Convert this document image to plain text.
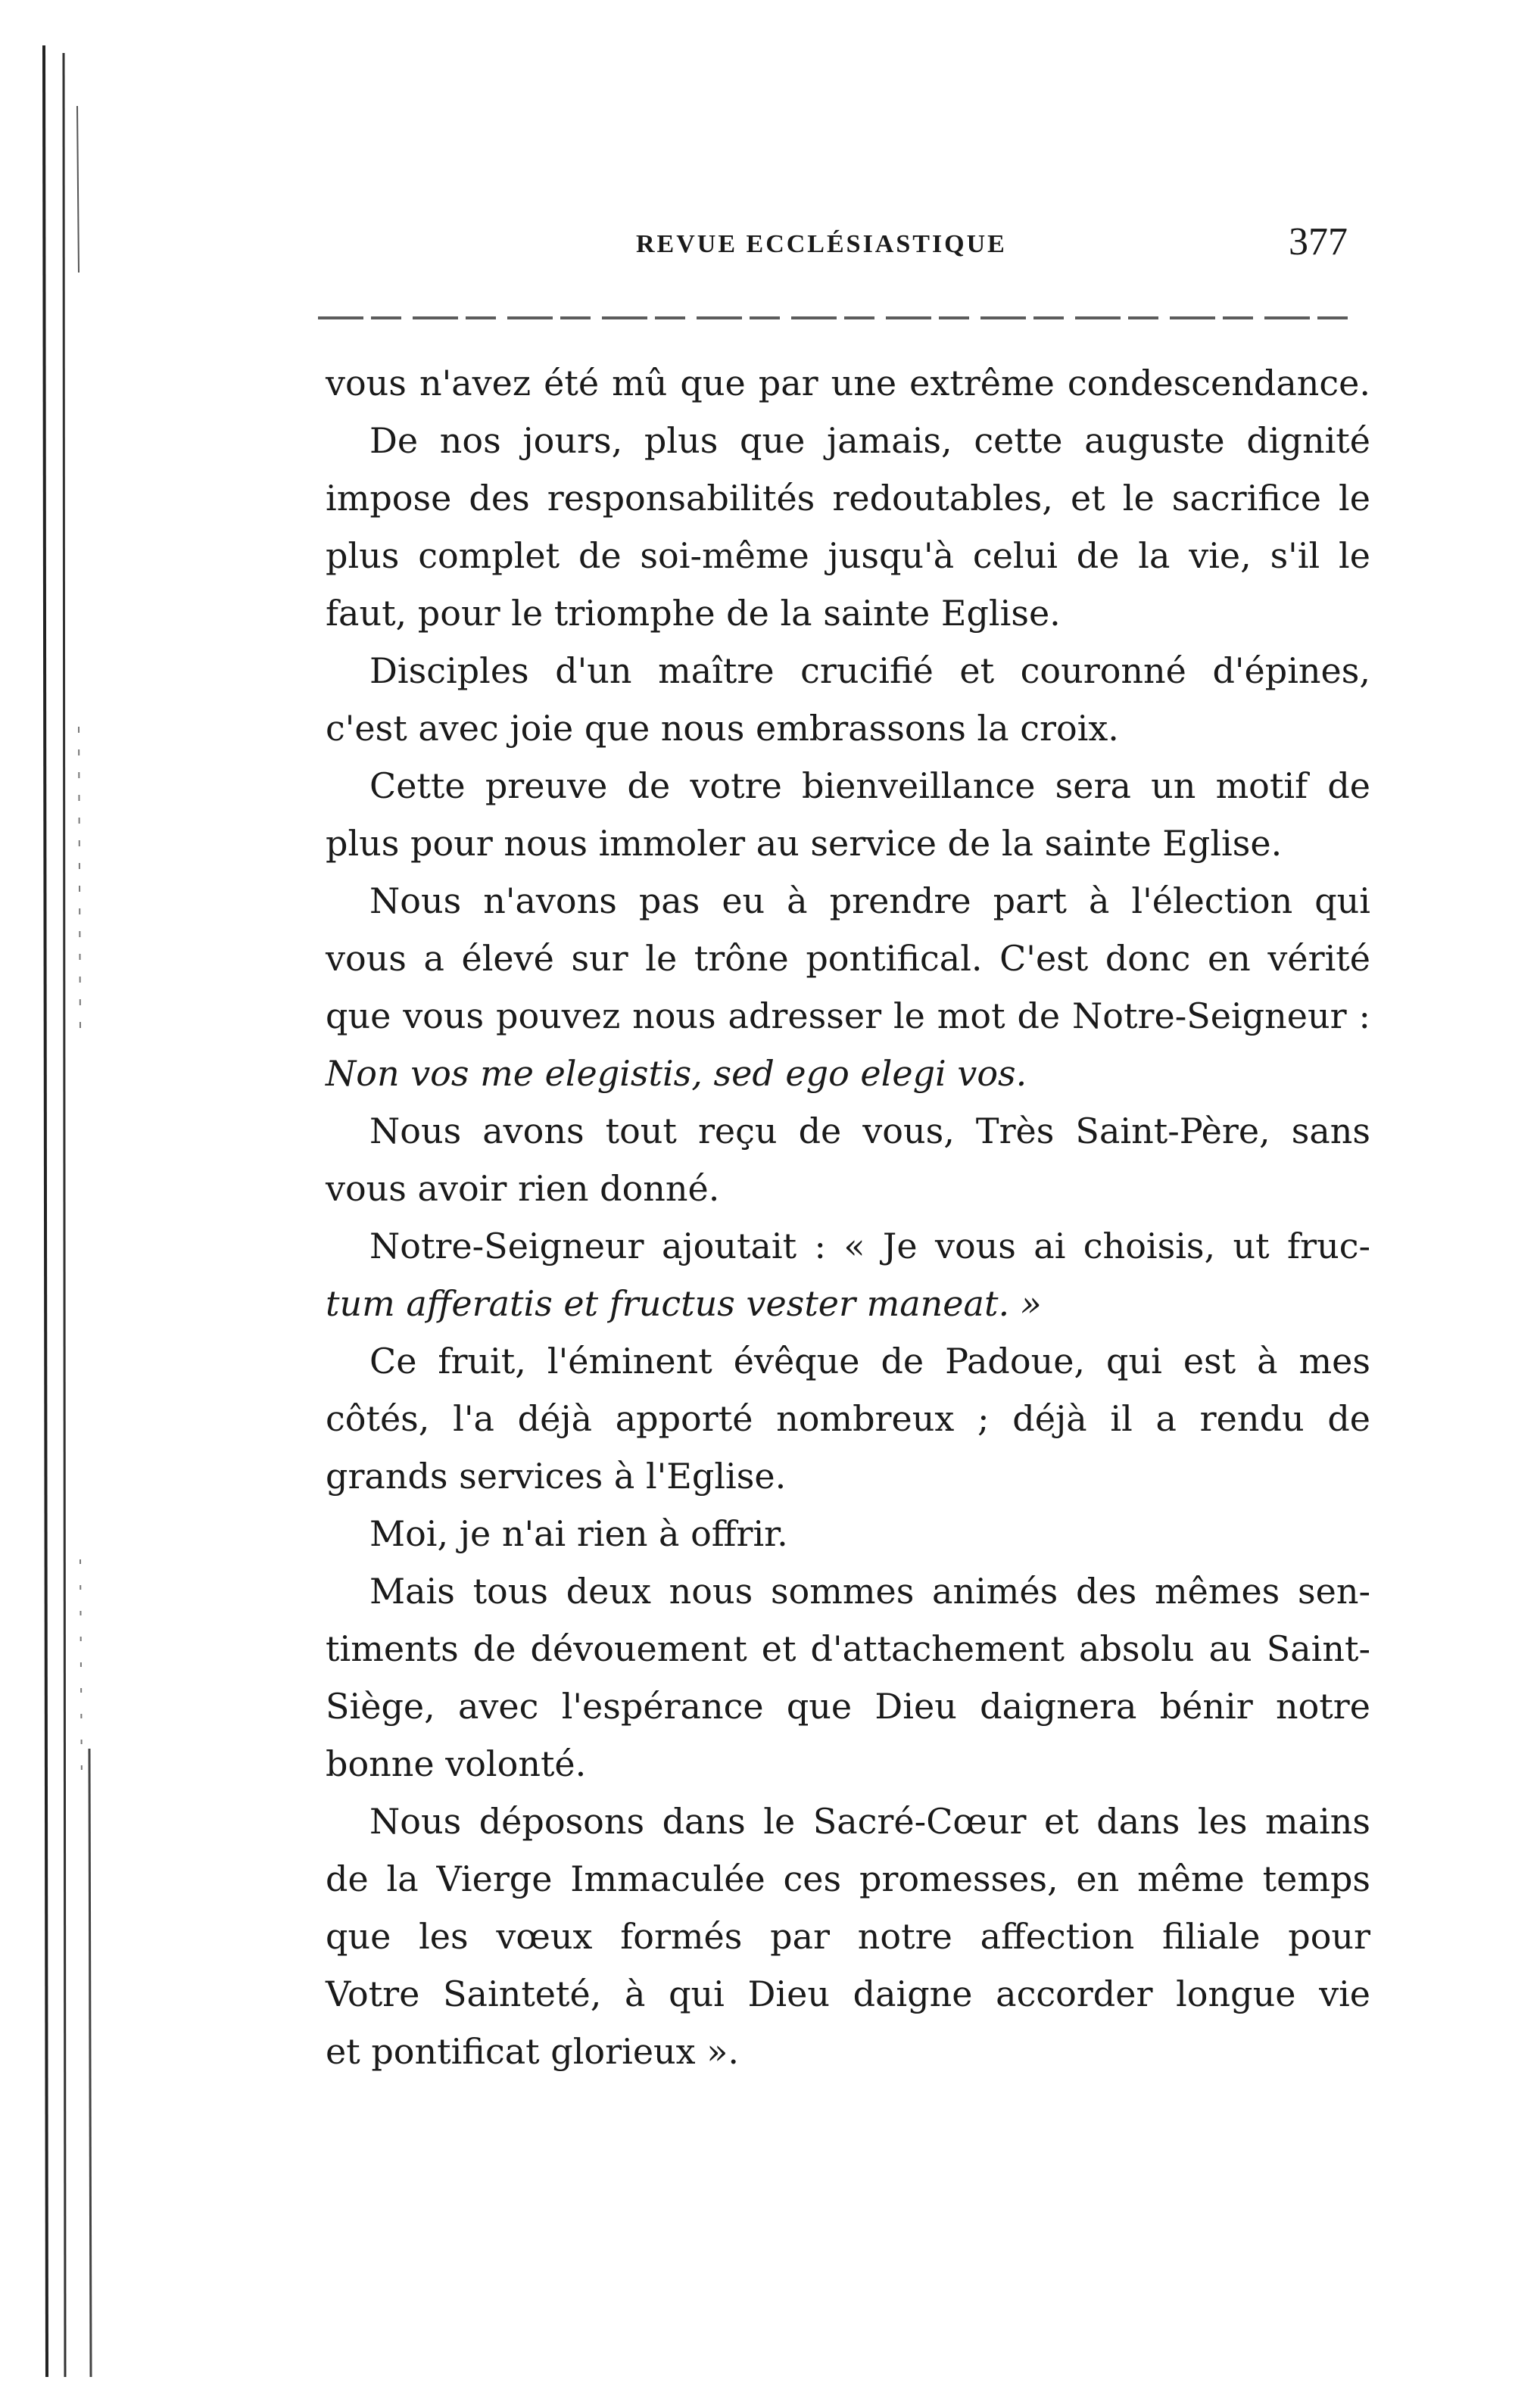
REVUE ECCLÉSIASTIQUE	377
vous n'avez été mû que par une extrême condescendance.
De nos jours, plus que jamais, cette auguste dignité
impose des responsabilités redoutables, et le sacrifice le
plus complet de soi-même jusqu'à celui de la vie, s'il le
faut, pour le triomphe de la sainte Eglise.
Disciples d'un maître crucifié et couronné d'épines,
c'est avec joie que nous embrassons la croix.
Cette preuve de votre bienveillance sera un motif de
plus pour nous immoler au service de la sainte Eglise.
Nous n'avons pas eu à prendre part à l'élection qui
vous a élevé sur le trône pontifical. C'est donc en vérité
que vous pouvez nous adresser le mot de Notre-Seigneur :
Non vos me elegistis, sed ego elegi vos.
Nous avons tout reçu de vous, Très Saint-Père, sans
vous avoir rien donné.
Notre-Seigneur ajoutait : « Je vous ai choisis, ut fruc-
tum afferatis et fructus vester maneat. »
Ce fruit, l'éminent évêque de Padoue, qui est à mes
côtés, l'a déjà apporté nombreux ; déjà il a rendu de
grands services à l'Eglise.
Moi, je n'ai rien à offrir.
Mais tous deux nous sommes animés des mêmes sen-
timents de dévouement et d'attachement absolu au Saint-
Siège, avec l'espérance que Dieu daignera bénir notre
bonne volonté.
Nous déposons dans le Sacré-Cœur et dans les mains
de la Vierge Immaculée ces promesses, en même temps
que les vœux formés par notre affection filiale pour
Votre Sainteté, à qui Dieu daigne accorder longue vie
et pontificat glorieux ».
